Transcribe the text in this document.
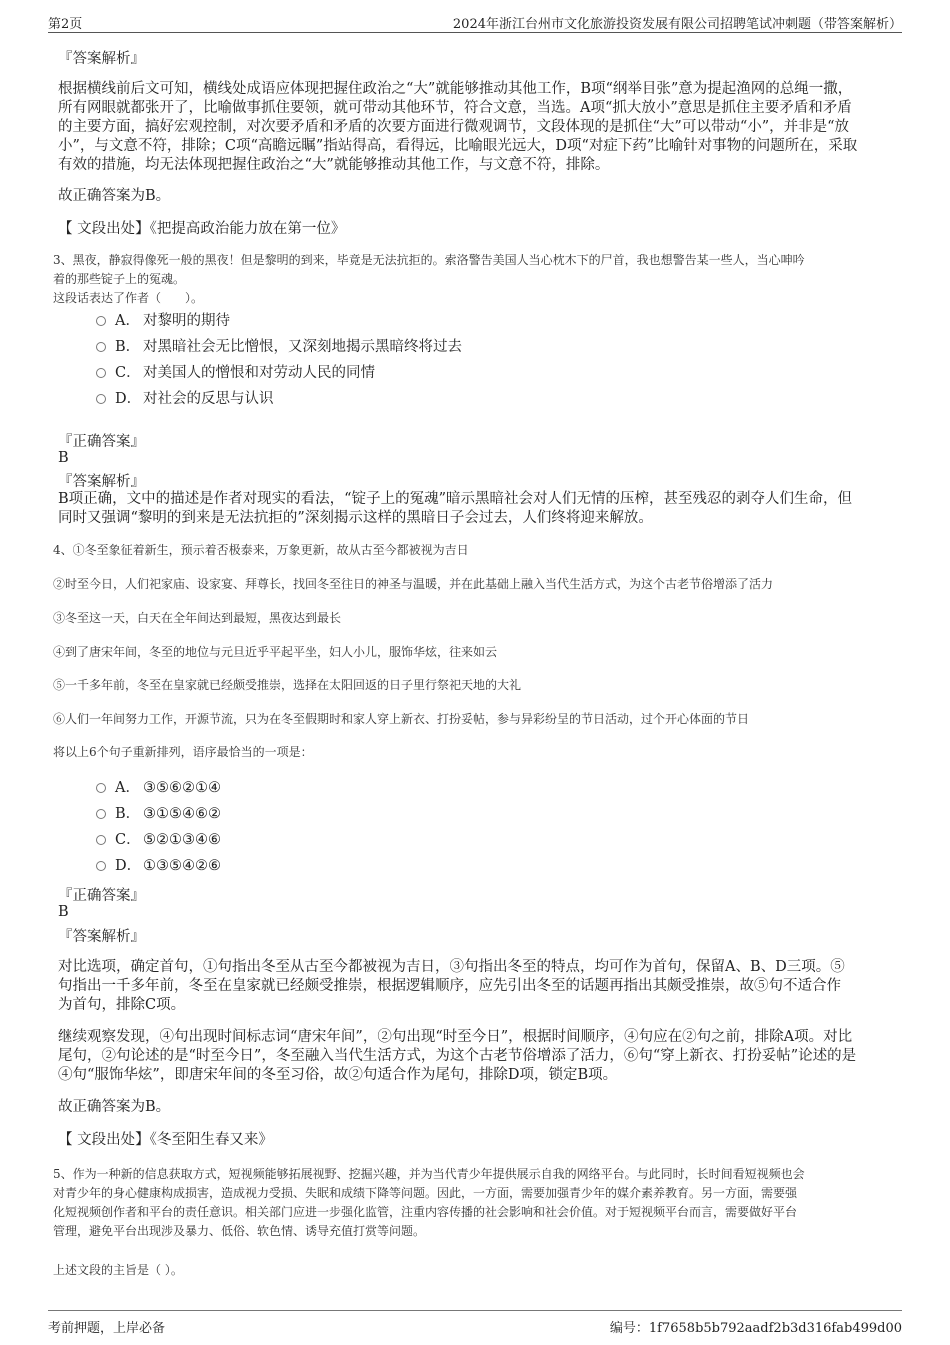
第2页	2024年浙江台州市文化旅游投资发展有限公司招聘笔试冲刺题（带答案解析）
『答案解析』
根据横线前后文可知，横线处成语应体现把握住政治之“大”就能够推动其他工作，B项“纲举目张”意为提起渔网的总绳一撒，
所有网眼就都张开了，比喻做事抓住要领，就可带动其他环节，符合文意，当选。A项“抓大放小”意思是抓住主要矛盾和矛盾
的主要方面，搞好宏观控制，对次要矛盾和矛盾的次要方面进行微观调节，文段体现的是抓住“大”可以带动“小”，并非是“放
小”，与文意不符，排除；C项“高瞻远瞩”指站得高，看得远，比喻眼光远大，D项“对症下药”比喻针对事物的问题所在，采取
有效的措施，均无法体现把握住政治之“大”就能够推动其他工作，与文意不符，排除。
故正确答案为B。
【 文段出处】《把提高政治能力放在第一位》
3、黑夜，静寂得像死一般的黑夜！但是黎明的到来，毕竟是无法抗拒的。索洛警告美国人当心枕木下的尸首，我也想警告某一些人，当心呻吟
着的那些锭子上的冤魂。
这段话表达了作者（　　）。
A． 对黎明的期待
B． 对黑暗社会无比憎恨，又深刻地揭示黑暗终将过去
C． 对美国人的憎恨和对劳动人民的同情
D． 对社会的反思与认识
『正确答案』
B
『答案解析』
B项正确，文中的描述是作者对现实的看法，“锭子上的冤魂”暗示黑暗社会对人们无情的压榨，甚至残忍的剥夺人们生命，但
同时又强调“黎明的到来是无法抗拒的”深刻揭示这样的黑暗日子会过去，人们终将迎来解放。
4、①冬至象征着新生，预示着否极泰来，万象更新，故从古至今都被视为吉日
②时至今日，人们祀家庙、设家宴、拜尊长，找回冬至往日的神圣与温暖，并在此基础上融入当代生活方式，为这个古老节俗增添了活力
③冬至这一天，白天在全年间达到最短，黑夜达到最长
④到了唐宋年间，冬至的地位与元旦近乎平起平坐，妇人小儿，服饰华炫，往来如云
⑤一千多年前，冬至在皇家就已经颇受推崇，选择在太阳回返的日子里行祭祀天地的大礼
⑥人们一年间努力工作，开源节流，只为在冬至假期时和家人穿上新衣、打扮妥帖，参与异彩纷呈的节日活动，过个开心体面的节日
将以上6个句子重新排列，语序最恰当的一项是：
A． ③⑤⑥②①④
B． ③①⑤④⑥②
C． ⑤②①③④⑥
D． ①③⑤④②⑥
『正确答案』
B
『答案解析』
对比选项，确定首句，①句指出冬至从古至今都被视为吉日，③句指出冬至的特点，均可作为首句，保留A、B、D三项。⑤
句指出一千多年前，冬至在皇家就已经颇受推崇，根据逻辑顺序，应先引出冬至的话题再指出其颇受推崇，故⑤句不适合作
为首句，排除C项。
继续观察发现，④句出现时间标志词“唐宋年间”，②句出现“时至今日”，根据时间顺序，④句应在②句之前，排除A项。对比
尾句，②句论述的是“时至今日”，冬至融入当代生活方式，为这个古老节俗增添了活力，⑥句“穿上新衣、打扮妥帖”论述的是
④句“服饰华炫”，即唐宋年间的冬至习俗，故②句适合作为尾句，排除D项，锁定B项。
故正确答案为B。
【 文段出处】《冬至阳生春又来》
5、作为一种新的信息获取方式，短视频能够拓展视野、挖掘兴趣，并为当代青少年提供展示自我的网络平台。与此同时，长时间看短视频也会
对青少年的身心健康构成损害，造成视力受损、失眠和成绩下降等问题。因此，一方面，需要加强青少年的媒介素养教育。另一方面，需要强
化短视频创作者和平台的责任意识。相关部门应进一步强化监管，注重内容传播的社会影响和社会价值。对于短视频平台而言，需要做好平台
管理，避免平台出现涉及暴力、低俗、软色情、诱导充值打赏等问题。
上述文段的主旨是（ ）。
考前押题，上岸必备	编号：1f7658b5b792aadf2b3d316fab499d00
